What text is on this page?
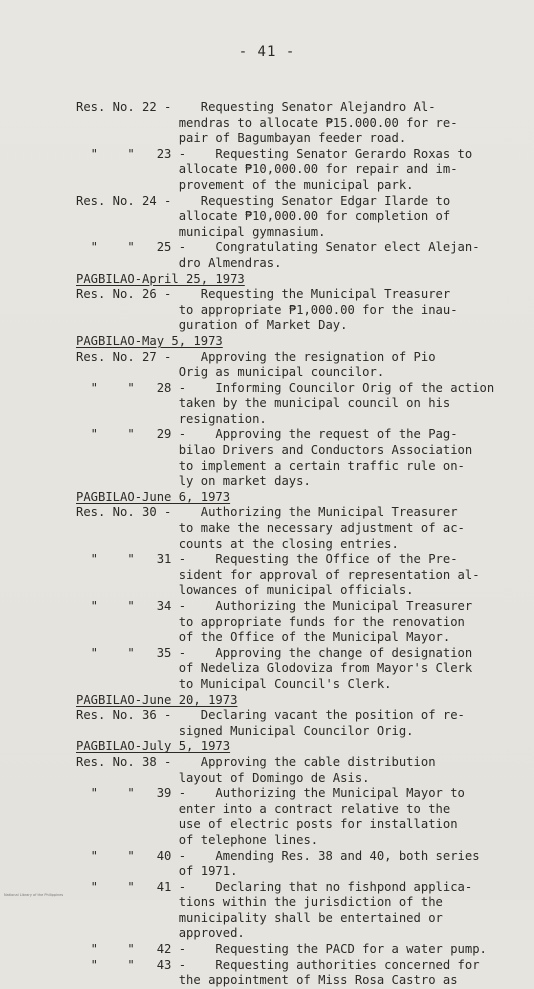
- 41 -
Res. No. 22 -    Requesting Senator Alejandro Al-
mendras to allocate ₱15.000.00 for re-
pair of Bagumbayan feeder road.
"    "   23 -    Requesting Senator Gerardo Roxas to
allocate ₱10,000.00 for repair and im-
provement of the municipal park.
Res. No. 24 -    Requesting Senator Edgar Ilarde to
allocate ₱10,000.00 for completion of
municipal gymnasium.
"    "   25 -    Congratulating Senator elect Alejan-
dro Almendras.
PAGBILAO-April 25, 1973
Res. No. 26 -    Requesting the Municipal Treasurer
to appropriate ₱1,000.00 for the inau-
guration of Market Day.
PAGBILAO-May 5, 1973
Res. No. 27 -    Approving the resignation of Pio
Orig as municipal councilor.
"    "   28 -    Informing Councilor Orig of the action
taken by the municipal council on his
resignation.
"    "   29 -    Approving the request of the Pag-
bilao Drivers and Conductors Association
to implement a certain traffic rule on-
ly on market days.
PAGBILAO-June 6, 1973
Res. No. 30 -    Authorizing the Municipal Treasurer
to make the necessary adjustment of ac-
counts at the closing entries.
"    "   31 -    Requesting the Office of the Pre-
sident for approval of representation al-
lowances of municipal officials.
"    "   34 -    Authorizing the Municipal Treasurer
to appropriate funds for the renovation
of the Office of the Municipal Mayor.
"    "   35 -    Approving the change of designation
of Nedeliza Glodoviza from Mayor's Clerk
to Municipal Council's Clerk.
PAGBILAO-June 20, 1973
Res. No. 36 -    Declaring vacant the position of re-
signed Municipal Councilor Orig.
PAGBILAO-July 5, 1973
Res. No. 38 -    Approving the cable distribution
layout of Domingo de Asis.
"    "   39 -    Authorizing the Municipal Mayor to
enter into a contract relative to the
use of electric posts for installation
of telephone lines.
"    "   40 -    Amending Res. 38 and 40, both series
of 1971.
"    "   41 -    Declaring that no fishpond applica-
tions within the jurisdiction of the
municipality shall be entertained or
approved.
"    "   42 -    Requesting the PACD for a water pump.
"    "   43 -    Requesting authorities concerned for
the appointment of Miss Rosa Castro as
National Library of the Philippines
